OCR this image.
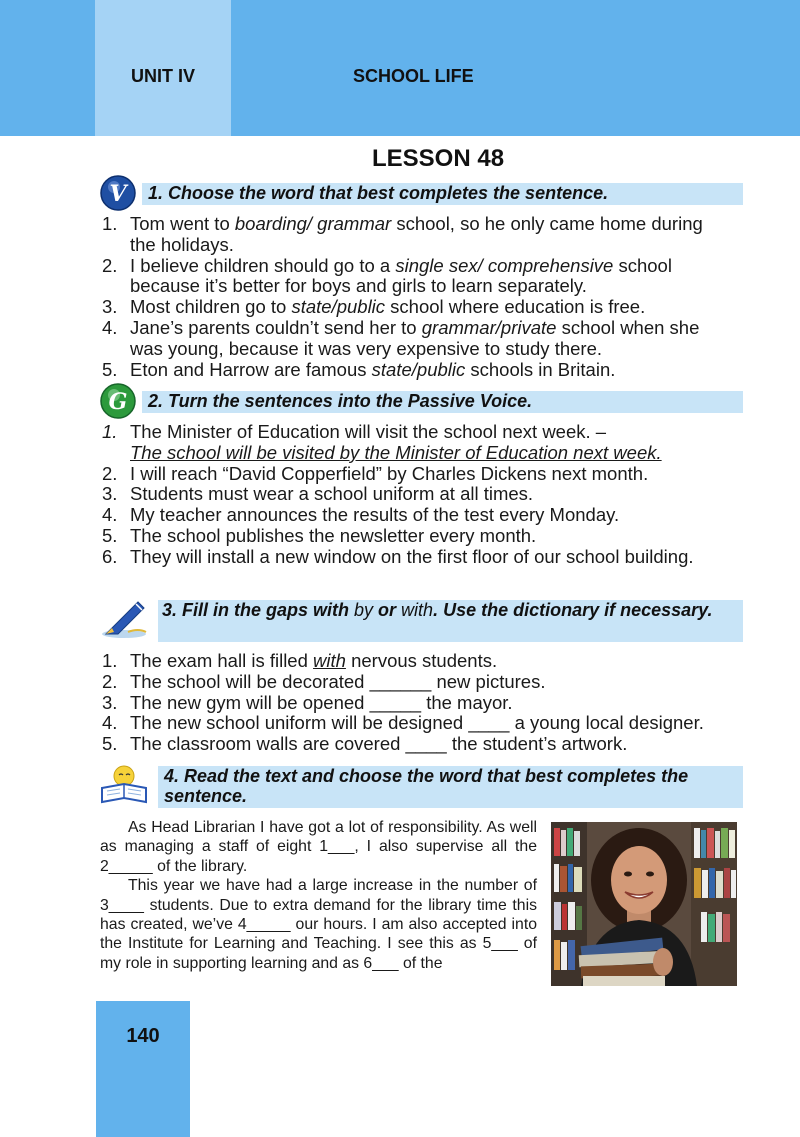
UNIT IV	SCHOOL LIFE
LESSON 48
V	1. Choose the word that best completes the sentence.
1. Tom went to boarding/ grammar school, so he only came home during the holidays.
2. I believe children should go to a single sex/ comprehensive school because it’s better for boys and girls to learn separately.
3. Most children go to state/public school where education is free.
4. Jane’s parents couldn’t send her to grammar/private school when she was young, because it was very expensive to study there.
5. Eton and Harrow are famous state/public schools in Britain.
G	2. Turn the sentences into the Passive Voice.
1. The Minister of Education will visit the school next week. –
The school will be visited by the Minister of Education next week.
2. I will reach “David Copperfield” by Charles Dickens next month.
3. Students must wear a school uniform at all times.
4. My teacher announces the results of the test every Monday.
5. The school publishes the newsletter every month.
6. They will install a new window on the first floor of our school building.
3. Fill in the gaps with by or with. Use the dictionary if necessary.
1. The exam hall is filled with nervous students.
2. The school will be decorated ______ new pictures.
3. The new gym will be opened _____ the mayor.
4. The new school uniform will be designed ____ a young local designer.
5. The classroom walls are covered ____ the student’s artwork.
4. Read the text and choose the word that best completes the sentence.

As Head Librarian I have got a lot of responsibility. As well as managing a staff of eight 1___, I also supervise all the 2_____ of the library.

This year we have had a large increase in the number of 3____ students. Due to extra demand for the library time this has created, we’ve 4_____ our hours. I am also accepted into the Institute for Learning and Teaching. I see this as 5___ of my role in supporting learning and as 6___ of the

140
